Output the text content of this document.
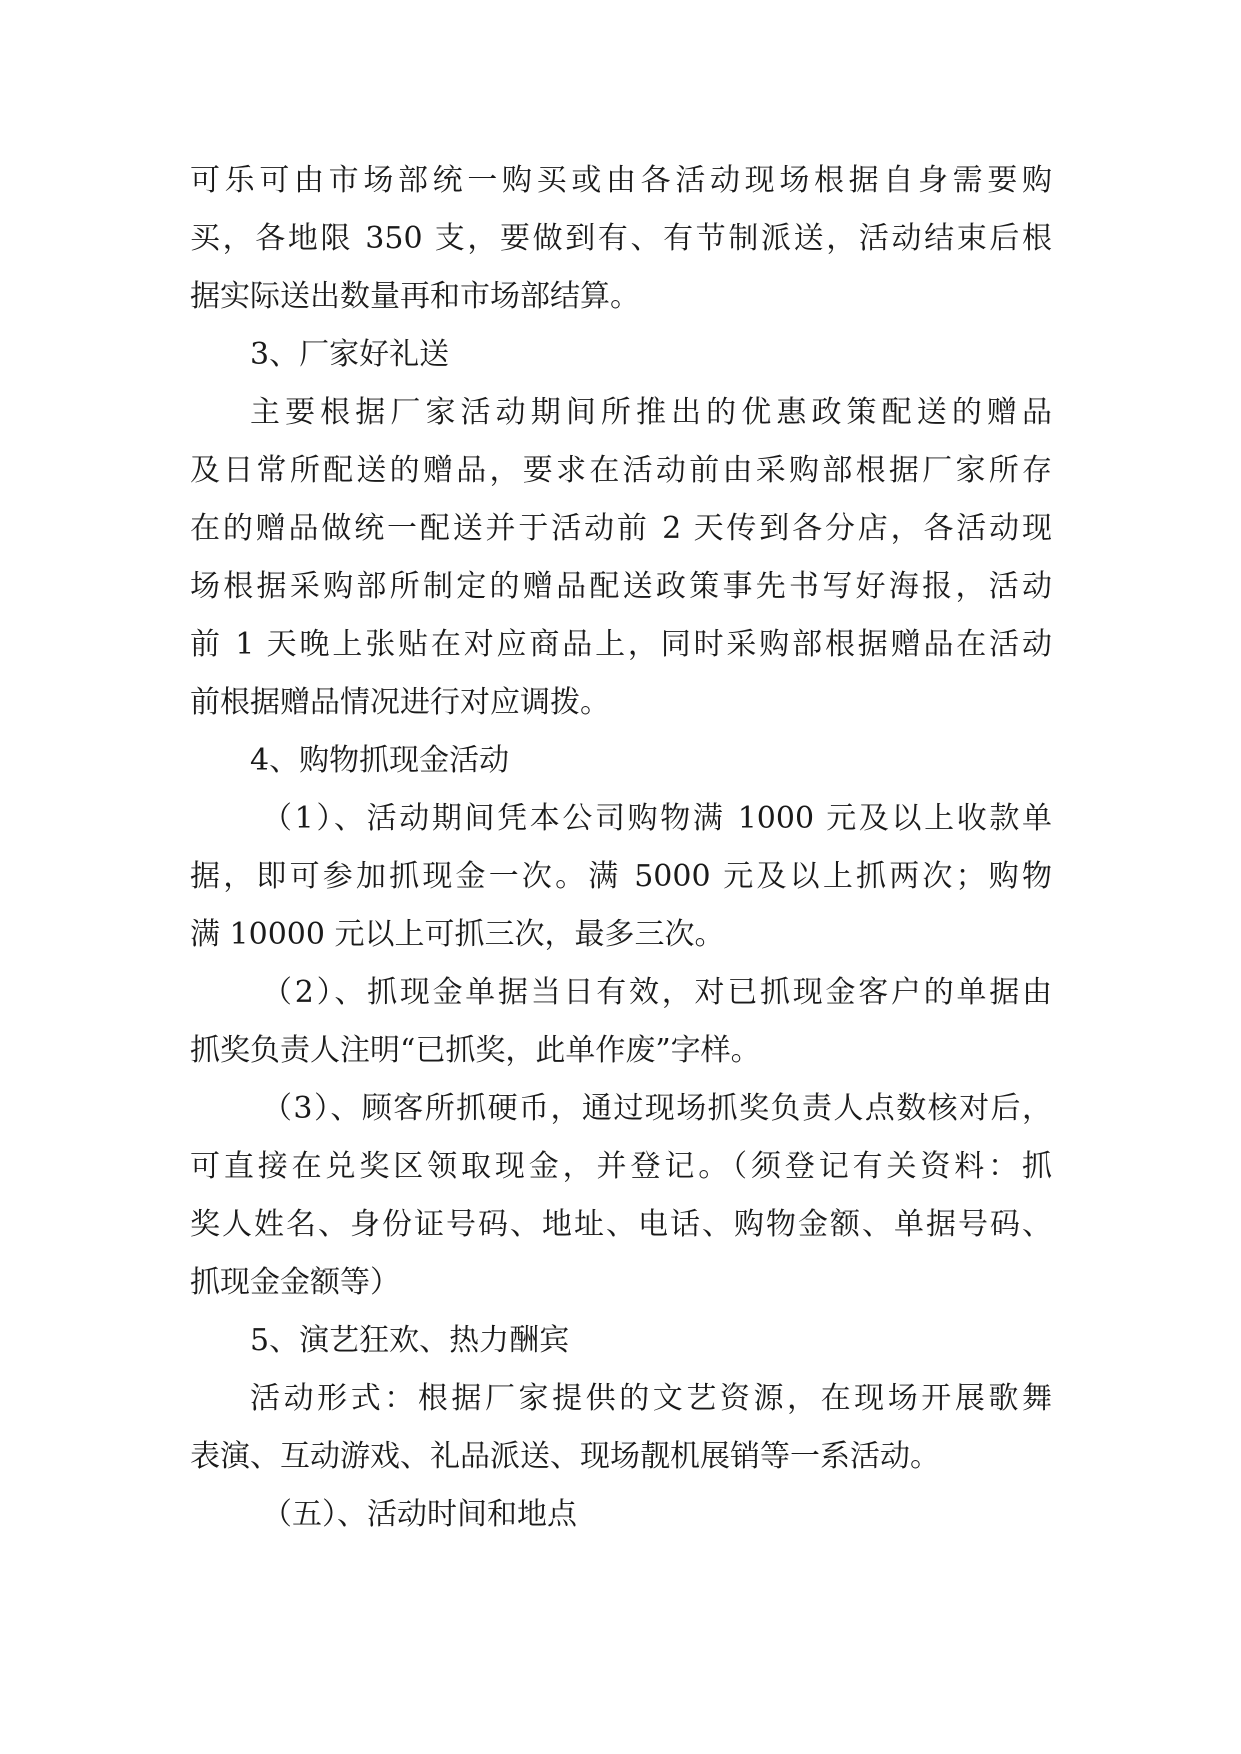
可乐可由市场部统一购买或由各活动现场根据自身需要购
买，各地限 350 支，要做到有、有节制派送，活动结束后根
据实际送出数量再和市场部结算。
3、厂家好礼送
主要根据厂家活动期间所推出的优惠政策配送的赠品
及日常所配送的赠品，要求在活动前由采购部根据厂家所存
在的赠品做统一配送并于活动前 2 天传到各分店，各活动现
场根据采购部所制定的赠品配送政策事先书写好海报，活动
前 1 天晚上张贴在对应商品上，同时采购部根据赠品在活动
前根据赠品情况进行对应调拨。
4、购物抓现金活动
（1）、活动期间凭本公司购物满 1000 元及以上收款单
据，即可参加抓现金一次。满 5000 元及以上抓两次；购物
满 10000 元以上可抓三次，最多三次。
（2）、抓现金单据当日有效，对已抓现金客户的单据由
抓奖负责人注明“已抓奖，此单作废”字样。
（3）、顾客所抓硬币，通过现场抓奖负责人点数核对后，
可直接在兑奖区领取现金，并登记。（须登记有关资料：抓
奖人姓名、身份证号码、地址、电话、购物金额、单据号码、
抓现金金额等）
5、演艺狂欢、热力酬宾
活动形式：根据厂家提供的文艺资源，在现场开展歌舞
表演、互动游戏、礼品派送、现场靓机展销等一系活动。
（五）、活动时间和地点
